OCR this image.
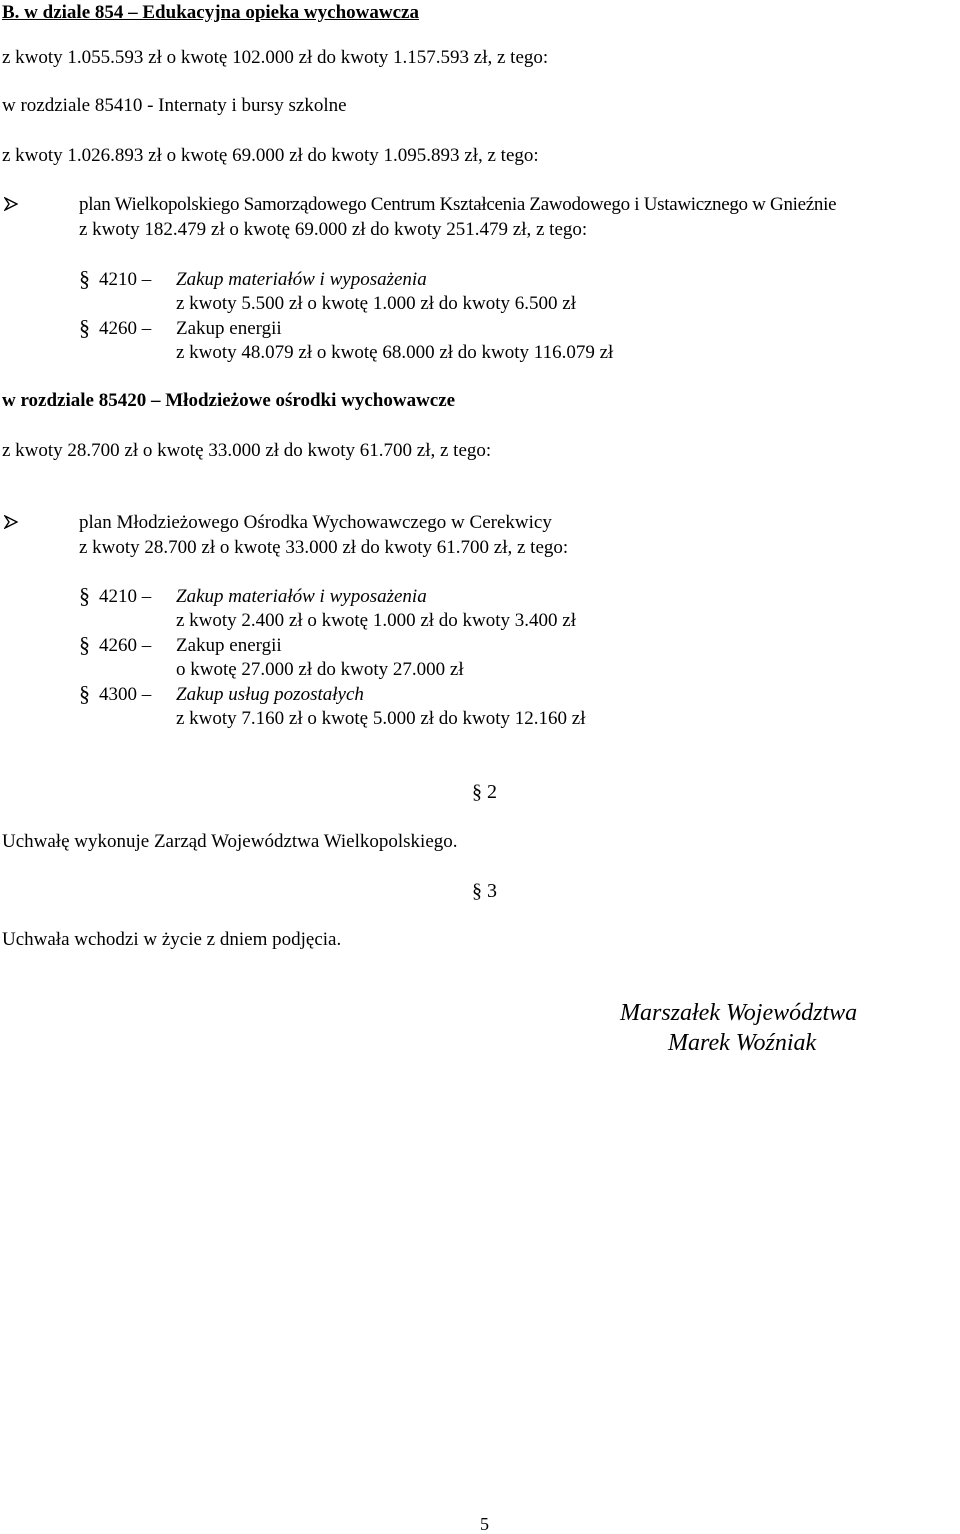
B. w dziale 854 – Edukacyjna opieka wychowawcza
z kwoty 1.055.593 zł o kwotę 102.000 zł do kwoty 1.157.593 zł, z tego:
w rozdziale 85410 - Internaty i bursy szkolne
z kwoty 1.026.893 zł o kwotę 69.000 zł do kwoty 1.095.893 zł, z tego:
plan Wielkopolskiego Samorządowego Centrum Kształcenia Zawodowego i Ustawicznego w Gnieźnie
z kwoty 182.479 zł o kwotę 69.000 zł do kwoty 251.479 zł, z tego:
§ 4210 – Zakup materiałów i wyposażenia
z kwoty 5.500 zł o kwotę 1.000 zł do kwoty 6.500 zł
§ 4260 – Zakup energii
z kwoty 48.079 zł o kwotę 68.000 zł do kwoty 116.079 zł
w rozdziale 85420 – Młodzieżowe ośrodki wychowawcze
z kwoty 28.700 zł o kwotę 33.000 zł do kwoty 61.700 zł, z tego:
plan Młodzieżowego Ośrodka Wychowawczego w Cerekwicy
z kwoty 28.700 zł o kwotę 33.000 zł do kwoty 61.700 zł, z tego:
§ 4210 – Zakup materiałów i wyposażenia
z kwoty 2.400 zł o kwotę 1.000 zł do kwoty 3.400 zł
§ 4260 – Zakup energii
o kwotę 27.000 zł do kwoty 27.000 zł
§ 4300 – Zakup usług pozostałych
z kwoty 7.160 zł o kwotę 5.000 zł do kwoty 12.160 zł
§ 2
Uchwałę wykonuje Zarząd Województwa Wielkopolskiego.
§ 3
Uchwała wchodzi w życie z dniem podjęcia.
Marszałek Województwa
Marek Woźniak
5
